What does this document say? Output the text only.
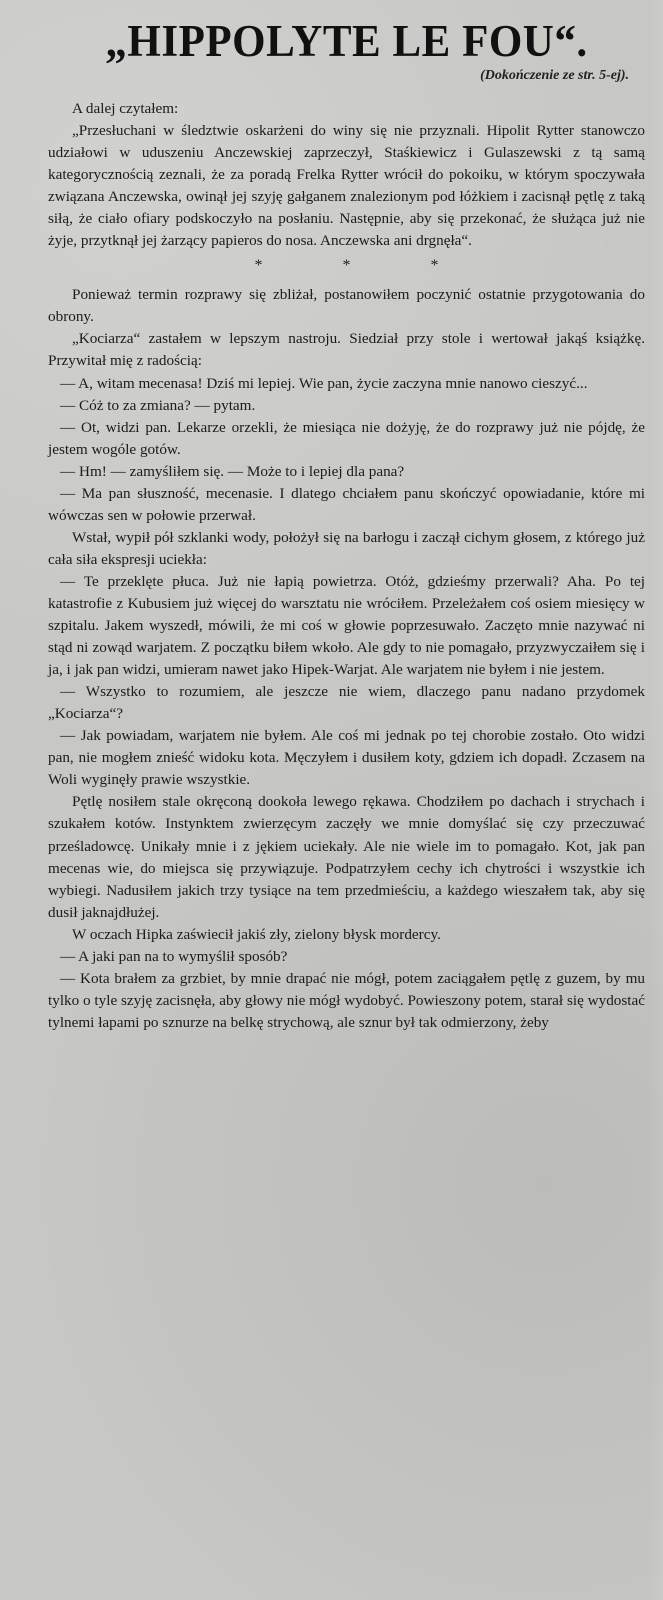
„HIPPOLYTE LE FOU“.
(Dokończenie ze str. 5-ej).

A dalej czytałem:

„Przesłuchani w śledztwie oskarżeni do winy się nie przyznali. Hipolit Rytter stanowczo udziałowi w uduszeniu Anczewskiej zaprzeczył, Staśkiewicz i Gulaszewski z tą samą kategorycznością zeznali, że za poradą Frelka Rytter wrócił do pokoiku, w którym spoczywała związana Anczewska, owinął jej szyję gałganem znalezionym pod łóżkiem i zacisnął pętlę z taką siłą, że ciało ofiary podskoczyło na posłaniu. Następnie, aby się przekonać, że służąca już nie żyje, przytknął jej żarzący papieros do nosa. Anczewska ani drgnęła“.

* * *

Ponieważ termin rozprawy się zbliżał, postanowiłem poczynić ostatnie przygotowania do obrony.

„Kociarza“ zastałem w lepszym nastroju. Siedział przy stole i wertował jakąś książkę. Przywitał mię z radością:

— A, witam mecenasa! Dziś mi lepiej. Wie pan, życie zaczyna mnie nanowo cieszyć...

— Cóż to za zmiana? — pytam.

— Ot, widzi pan. Lekarze orzekli, że miesiąca nie dożyję, że do rozprawy już nie pójdę, że jestem wogóle gotów.

— Hm! — zamyśliłem się. — Może to i lepiej dla pana?

— Ma pan słuszność, mecenasie. I dlatego chciałem panu skończyć opowiadanie, które mi wówczas sen w połowie przerwał.

Wstał, wypił pół szklanki wody, położył się na barłogu i zaczął cichym głosem, z którego już cała siła ekspresji uciekła:

— Te przeklęte płuca. Już nie łapią powietrza. Otóż, gdzieśmy przerwali? Aha. Po tej katastrofie z Kubusiem już więcej do warsztatu nie wróciłem. Przeleżałem coś osiem miesięcy w szpitalu. Jakem wyszedł, mówili, że mi coś w głowie poprzesuwało. Zaczęto mnie nazywać ni stąd ni zowąd warjatem. Z początku biłem wkoło. Ale gdy to nie pomagało, przyzwyczaiłem się i ja, i jak pan widzi, umieram nawet jako Hipek-Warjat. Ale warjatem nie byłem i nie jestem.

— Wszystko to rozumiem, ale jeszcze nie wiem, dlaczego panu nadano przydomek „Kociarza“?

— Jak powiadam, warjatem nie byłem. Ale coś mi jednak po tej chorobie zostało. Oto widzi pan, nie mogłem znieść widoku kota. Męczyłem i dusiłem koty, gdziem ich dopadł. Zczasem na Woli wyginęły prawie wszystkie.

Pętlę nosiłem stale okręconą dookoła lewego rękawa. Chodziłem po dachach i strychach i szukałem kotów. Instynktem zwierzęcym zaczęły we mnie domyślać się czy przeczuwać prześladowcę. Unikały mnie i z jękiem uciekały. Ale nie wiele im to pomagało. Kot, jak pan mecenas wie, do miejsca się przywiązuje. Podpatrzyłem cechy ich chytrości i wszystkie ich wybiegi. Nadusiłem jakich trzy tysiące na tem przedmieściu, a każdego wieszałem tak, aby się dusił jaknajdłużej.

W oczach Hipka zaświecił jakiś zły, zielony błysk mordercy.

— A jaki pan na to wymyślił sposób?

— Kota brałem za grzbiet, by mnie drapać nie mógł, potem zaciągałem pętlę z guzem, by mu tylko o tyle szyję zacisnęła, aby głowy nie mógł wydobyć. Powieszony potem, starał się wydostać tylnemi łapami po sznurze na belkę strychową, ale sznur był tak odmierzony, żeby
